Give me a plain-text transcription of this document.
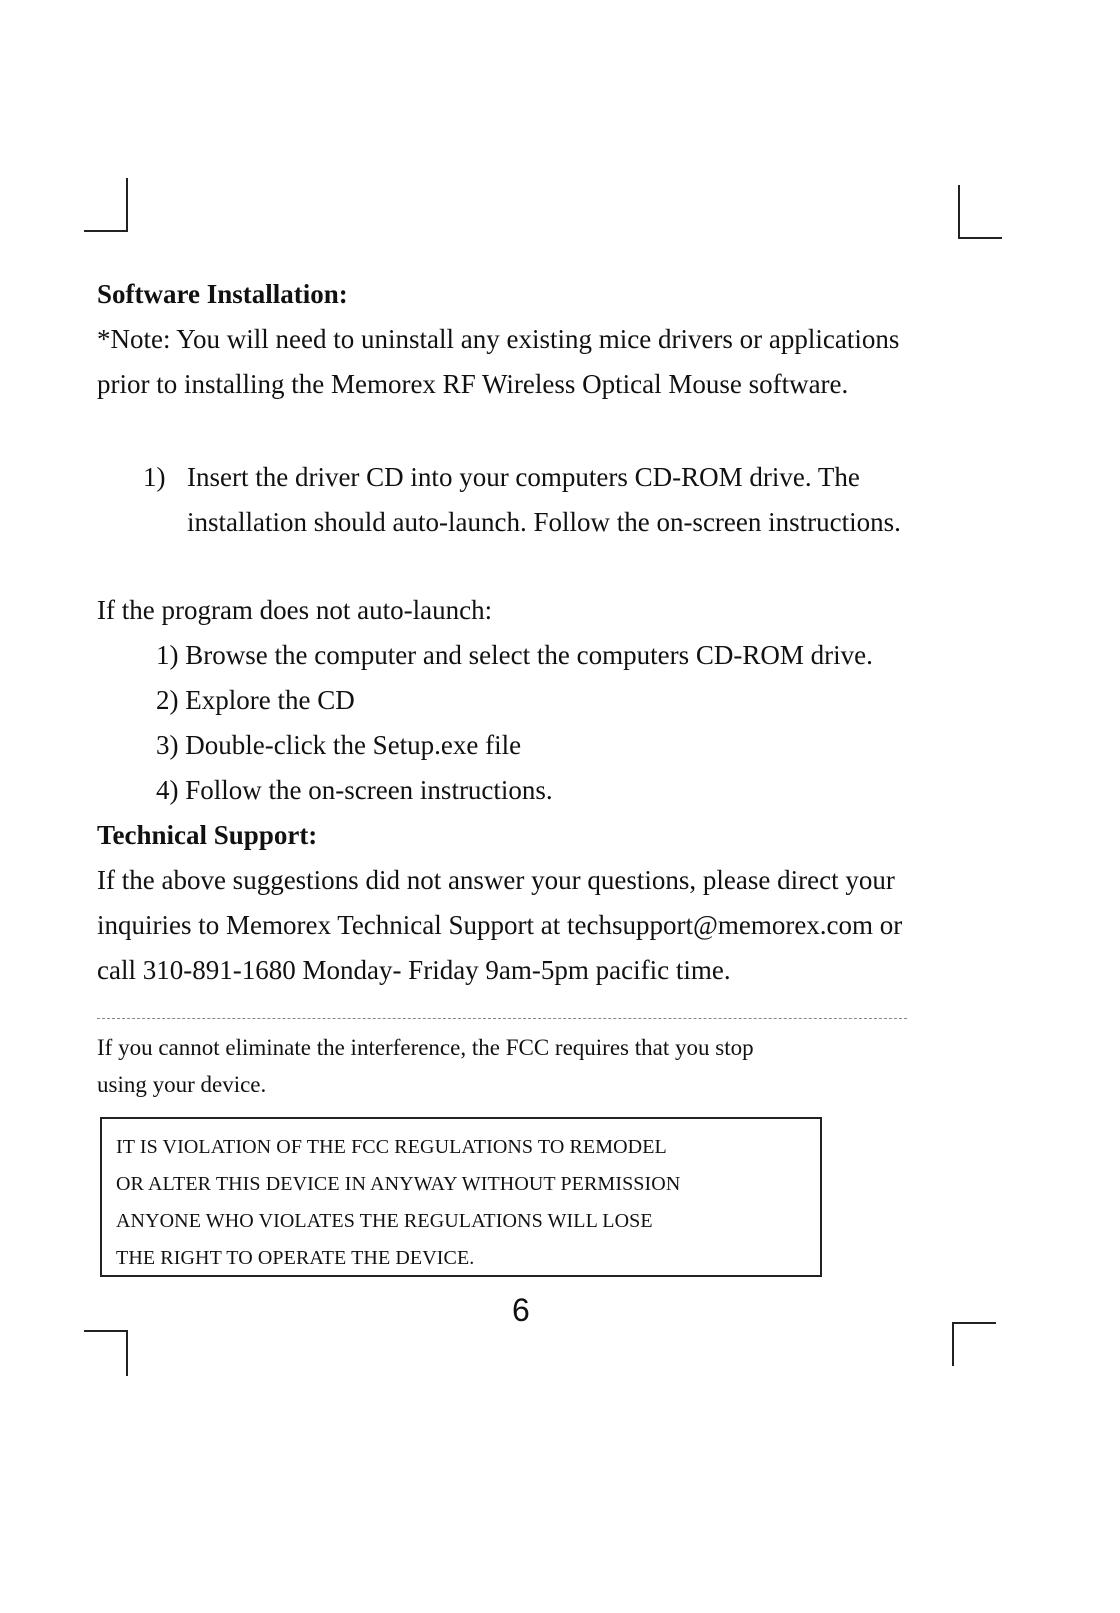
Software Installation:
*Note: You will need to uninstall any existing mice drivers or applications
prior to installing the Memorex RF Wireless Optical Mouse software.
1) Insert the driver CD into your computers CD-ROM drive. The
installation should auto-launch. Follow the on-screen instructions.
If the program does not auto-launch:
1) Browse the computer and select the computers CD-ROM drive.
2) Explore the CD
3) Double-click the Setup.exe file
4) Follow the on-screen instructions.
Technical Support:
If the above suggestions did not answer your questions, please direct your
inquiries to Memorex Technical Support at techsupport@memorex.com or
call 310-891-1680 Monday- Friday 9am-5pm pacific time.
If you cannot eliminate the interference, the FCC requires that you stop
using your device.
IT IS VIOLATION OF THE FCC REGULATIONS TO REMODEL
OR ALTER THIS DEVICE IN ANYWAY WITHOUT PERMISSION
ANYONE WHO VIOLATES THE REGULATIONS WILL LOSE
THE RIGHT TO OPERATE THE DEVICE.
6
